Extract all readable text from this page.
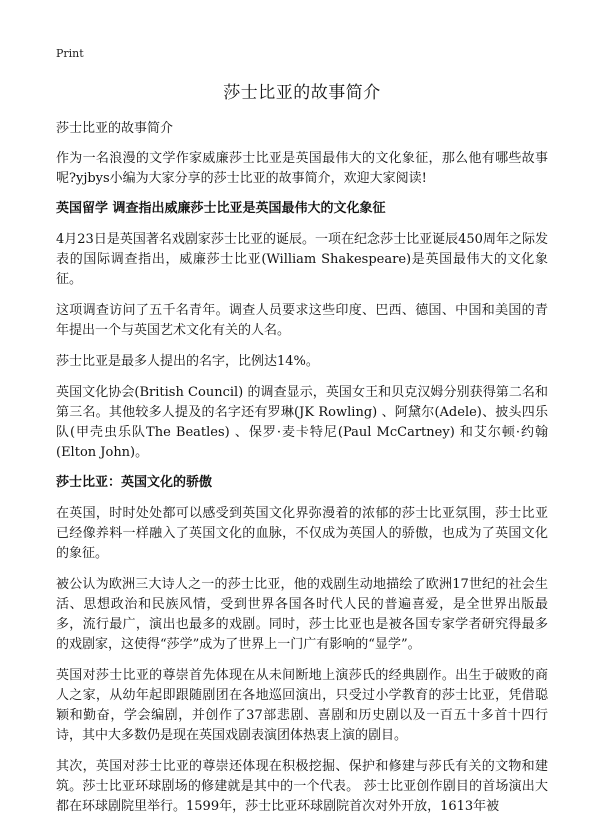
Print
莎士比亚的故事简介
莎士比亚的故事简介

作为一名浪漫的文学作家威廉莎士比亚是英国最伟大的文化象征，那么他有哪些故事呢?yjbys小编为大家分享的莎士比亚的故事简介，欢迎大家阅读!

英国留学 调查指出威廉莎士比亚是英国最伟大的文化象征

4月23日是英国著名戏剧家莎士比亚的诞辰。一项在纪念莎士比亚诞辰450周年之际发表的国际调查指出，威廉莎士比亚(William Shakespeare)是英国最伟大的文化象征。

这项调查访问了五千名青年。调查人员要求这些印度、巴西、德国、中国和美国的青年提出一个与英国艺术文化有关的人名。

莎士比亚是最多人提出的名字，比例达14%。

英国文化协会(British Council) 的调查显示，英国女王和贝克汉姆分别获得第二名和第三名。其他较多人提及的名字还有罗琳(JK Rowling) 、阿黛尔(Adele)、披头四乐队(甲壳虫乐队The Beatles) 、保罗·麦卡特尼(Paul McCartney) 和艾尔顿·约翰(Elton John)。

莎士比亚：英国文化的骄傲

在英国，时时处处都可以感受到英国文化界弥漫着的浓郁的莎士比亚氛围，莎士比亚已经像养料一样融入了英国文化的血脉，不仅成为英国人的骄傲，也成为了英国文化的象征。

被公认为欧洲三大诗人之一的莎士比亚，他的戏剧生动地描绘了欧洲17世纪的社会生活、思想政治和民族风情，受到世界各国各时代人民的普遍喜爱，是全世界出版最多，流行最广，演出也最多的戏剧。同时，莎士比亚也是被各国专家学者研究得最多的戏剧家，这使得“莎学”成为了世界上一门广有影响的“显学”。

英国对莎士比亚的尊崇首先体现在从未间断地上演莎氏的经典剧作。出生于破败的商人之家，从幼年起即跟随剧团在各地巡回演出，只受过小学教育的莎士比亚，凭借聪颖和勤奋，学会编剧，并创作了37部悲剧、喜剧和历史剧以及一百五十多首十四行诗，其中大多数仍是现在英国戏剧表演团体热衷上演的剧目。

其次，英国对莎士比亚的尊崇还体现在积极挖掘、保护和修建与莎氏有关的文物和建筑。莎士比亚环球剧场的修建就是其中的一个代表。 莎士比亚创作剧目的首场演出大都在环球剧院里举行。1599年，莎士比亚环球剧院首次对外开放，1613年被
